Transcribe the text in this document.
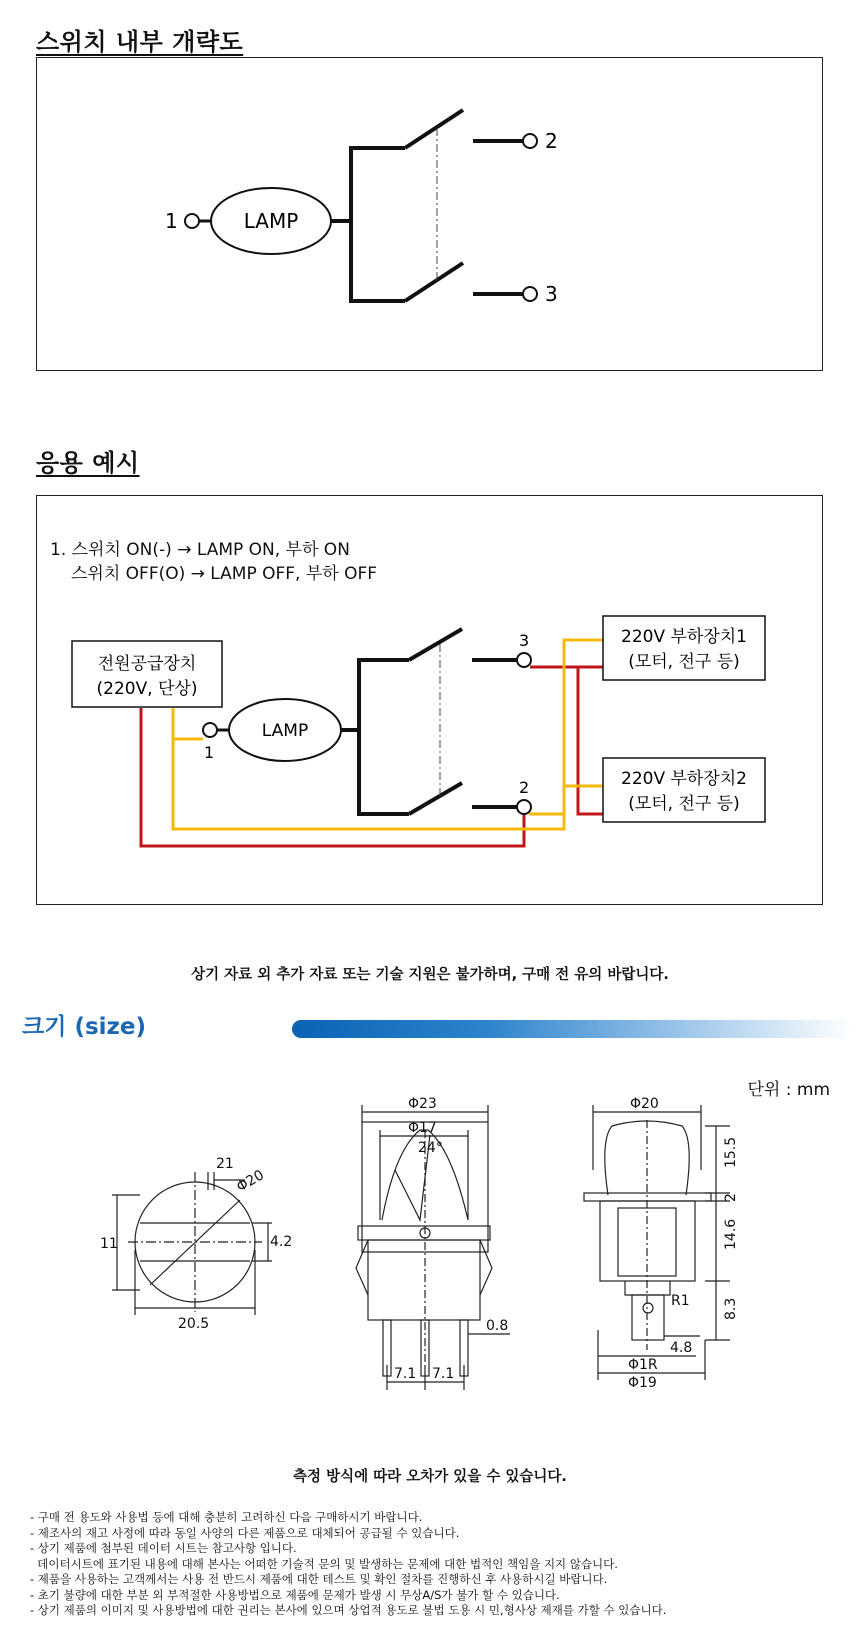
스위치 내부 개략도
1	LAMP
2
3
응용 예시
전원공급장치
(220V, 단상)
1
LAMP
3
2
220V 부하장치1
(모터, 전구 등)
220V 부하장치2
(모터, 전구 등)
1. 스위치 ON(-) → LAMP ON, 부하 ON
스위치 OFF(O) → LAMP OFF, 부하 OFF
상기 자료 외 추가 자료 또는 기술 지원은 불가하며, 구매 전 유의 바랍니다.
크기 (size)
단위 : mm
21
11
Φ20
4.2
20.5
Φ23
Φ17
24°
0.8
7.1 7.1
Φ20
15.5
2
14.6
8.3
R1
4.8
Φ1R
Φ19
측정 방식에 따라 오차가 있을 수 있습니다.
- 구매 전 용도와 사용법 등에 대해 충분히 고려하신 다음 구매하시기 바랍니다.
- 제조사의 재고 사정에 따라 동일 사양의 다른 제품으로 대체되어 공급될 수 있습니다.
- 상기 제품에 첨부된 데이터 시트는 참고사항 입니다.
데이터시트에 표기된 내용에 대해 본사는 어떠한 기술적 문의 및 발생하는 문제에 대한 법적인 책임을 지지 않습니다.
- 제품을 사용하는 고객께서는 사용 전 반드시 제품에 대한 테스트 및 확인 절차를 진행하신 후 사용하시길 바랍니다.
- 초기 불량에 대한 부분 외 부적절한 사용방법으로 제품에 문제가 발생 시 무상A/S가 불가 할 수 있습니다.
- 상기 제품의 이미지 및 사용방법에 대한 권리는 본사에 있으며 상업적 용도로 불법 도용 시 민,형사상 제재를 가할 수 있습니다.
